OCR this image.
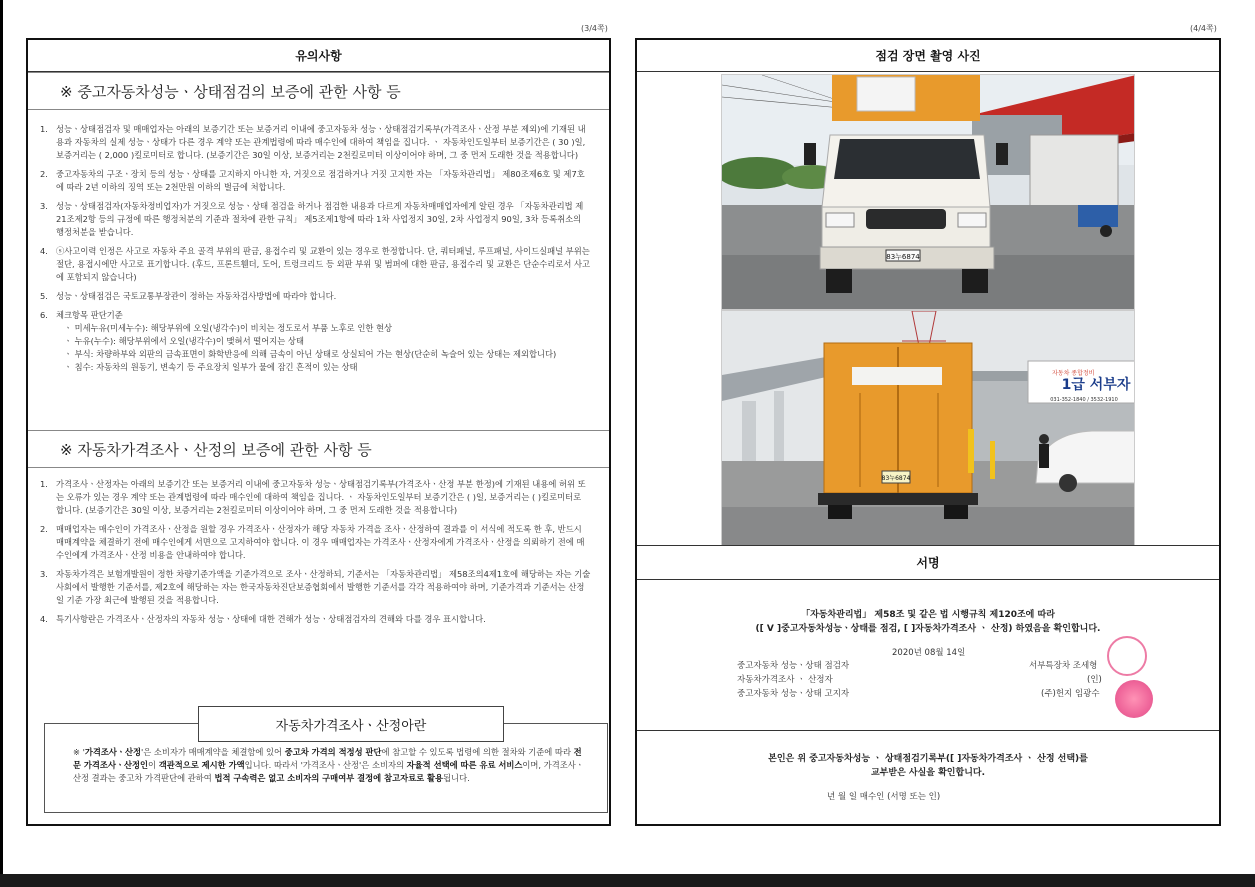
(3/4쪽)	(4/4쪽)
유의사항
※ 중고자동차성능ㆍ상태점검의 보증에 관한 사항 등
1. 성능ㆍ상태점검자 및 매매업자는 아래의 보증기간 또는 보증거리 이내에 중고자동차 성능ㆍ상태점검기록부(가격조사ㆍ산정 부분 제외)에 기재된 내용과 자동차의 실제 성능ㆍ상태가 다른 경우 계약 또는 관계법령에 따라 매수인에 대하여 책임을 집니다. ㆍ 자동차인도일부터 보증기간은 ( 30 )일, 보증거리는 ( 2,000 )킬로미터로 합니다. (보증기간은 30일 이상, 보증거리는 2천킬로미터 이상이어야 하며, 그 중 먼저 도래한 것을 적용합니다)
2. 중고자동차의 구조ㆍ장치 등의 성능ㆍ상태를 고지하지 아니한 자, 거짓으로 점검하거나 거짓 고지한 자는 「자동차관리법」 제80조제6호 및 제7호에 따라 2년 이하의 징역 또는 2천만원 이하의 벌금에 처합니다.
3. 성능ㆍ상태점검자(자동차정비업자)가 거짓으로 성능ㆍ상태 점검을 하거나 점검한 내용과 다르게 자동차매매업자에게 알린 경우 「자동차관리법 제21조제2항 등의 규정에 따른 행정처분의 기준과 절차에 관한 규칙」 제5조제1항에 따라 1차 사업정지 30일, 2차 사업정지 90일, 3차 등록취소의 행정처분을 받습니다.
4. ⓢ사고이력 인정은 사고로 자동차 주요 골격 부위의 판금, 용접수리 및 교환이 있는 경우로 한정합니다. 단, 쿼터패널, 루프패널, 사이드실패널 부위는 절단, 용접시에만 사고로 표기합니다. (후드, 프론트휀더, 도어, 트렁크리드 등 외판 부위 및 범퍼에 대한 판금, 용접수리 및 교환은 단순수리로서 사고에 포함되지 않습니다)
5. 성능ㆍ상태점검은 국토교통부장관이 정하는 자동차검사방법에 따라야 합니다.
6. 체크항목 판단기준
ㆍ 미세누유(미세누수): 해당부위에 오일(냉각수)이 비치는 정도로서 부품 노후로 인한 현상
ㆍ 누유(누수): 해당부위에서 오일(냉각수)이 맺혀서 떨어지는 상태
ㆍ 부식: 차량하부와 외판의 금속표면이 화학반응에 의해 금속이 아닌 상태로 상실되어 가는 현상(단순히 녹슬어 있는 상태는 제외합니다)
ㆍ 침수: 자동차의 원동기, 변속기 등 주요장치 일부가 물에 잠긴 흔적이 있는 상태
※ 자동차가격조사ㆍ산정의 보증에 관한 사항 등
1. 가격조사ㆍ산정자는 아래의 보증기간 또는 보증거리 이내에 중고자동차 성능ㆍ상태점검기록부(가격조사ㆍ산정 부분 한정)에 기재된 내용에 허위 또는 오류가 있는 경우 계약 또는 관계법령에 따라 매수인에 대하여 책임을 집니다. ㆍ 자동차인도일부터 보증기간은 ( )일, 보증거리는 ( )킬로미터로 합니다. (보증기간은 30일 이상, 보증거리는 2천킬로미터 이상이어야 하며, 그 중 먼저 도래한 것을 적용합니다)
2. 매매업자는 매수인이 가격조사ㆍ산정을 원할 경우 가격조사ㆍ산정자가 해당 자동차 가격을 조사ㆍ산정하여 결과를 이 서식에 적도록 한 후, 반드시 매매계약을 체결하기 전에 매수인에게 서면으로 고지하여야 합니다. 이 경우 매매업자는 가격조사ㆍ산정자에게 가격조사ㆍ산정을 의뢰하기 전에 매수인에게 가격조사ㆍ산정 비용을 안내하여야 합니다.
3. 자동차가격은 보험개발원이 정한 차량기준가액을 기준가격으로 조사ㆍ산정하되, 기준서는 「자동차관리법」 제58조의4제1호에 해당하는 자는 기술사회에서 발행한 기준서를, 제2호에 해당하는 자는 한국자동차진단보증협회에서 발행한 기준서를 각각 적용하여야 하며, 기준가격과 기준서는 산정일 기준 가장 최근에 발행된 것을 적용합니다.
4. 특기사항란은 가격조사ㆍ산정자의 자동차 성능ㆍ상태에 대한 견해가 성능ㆍ상태점검자의 견해와 다를 경우 표시합니다.
자동차가격조사ㆍ산정아란
※ '가격조사ㆍ산정'은 소비자가 매매계약을 체결함에 있어 중고차 가격의 적정성 판단에 참고할 수 있도록 법령에 의한 절차와 기준에 따라 전문 가격조사ㆍ산정인이 객관적으로 제시한 가액입니다. 따라서 '가격조사ㆍ산정'은 소비자의 자율적 선택에 따른 유료 서비스이며, 가격조사ㆍ산정 결과는 중고차 가격판단에 관하여 법적 구속력은 없고 소비자의 구매여부 결정에 참고자료로 활용됩니다.
점검 장면 촬영 사진
83누6874
1급 서부자
자동차 종합정비
031-352-1840 / 3532-1910
83누6874
서명
「자동차관리법」 제58조 및 같은 법 시행규칙 제120조에 따라
([ V ]중고자동차성능ㆍ상태를 점검, [ ]자동차가격조사 ㆍ 산정) 하였음을 확인합니다.
2020년 08월 14일
중고자동차 성능ㆍ상태 점검자	서부특장차 조세형
자동차가격조사 ㆍ 산정자	(인)
중고자동차 성능ㆍ상태 고지자	(주)헌지 임광수
본인은 위 중고자동차성능 ㆍ 상태점검기록부([ ]자동차가격조사 ㆍ 산정 선택)를
교부받은 사실을 확인합니다.
년 월 일 매수인 (서명 또는 인)
